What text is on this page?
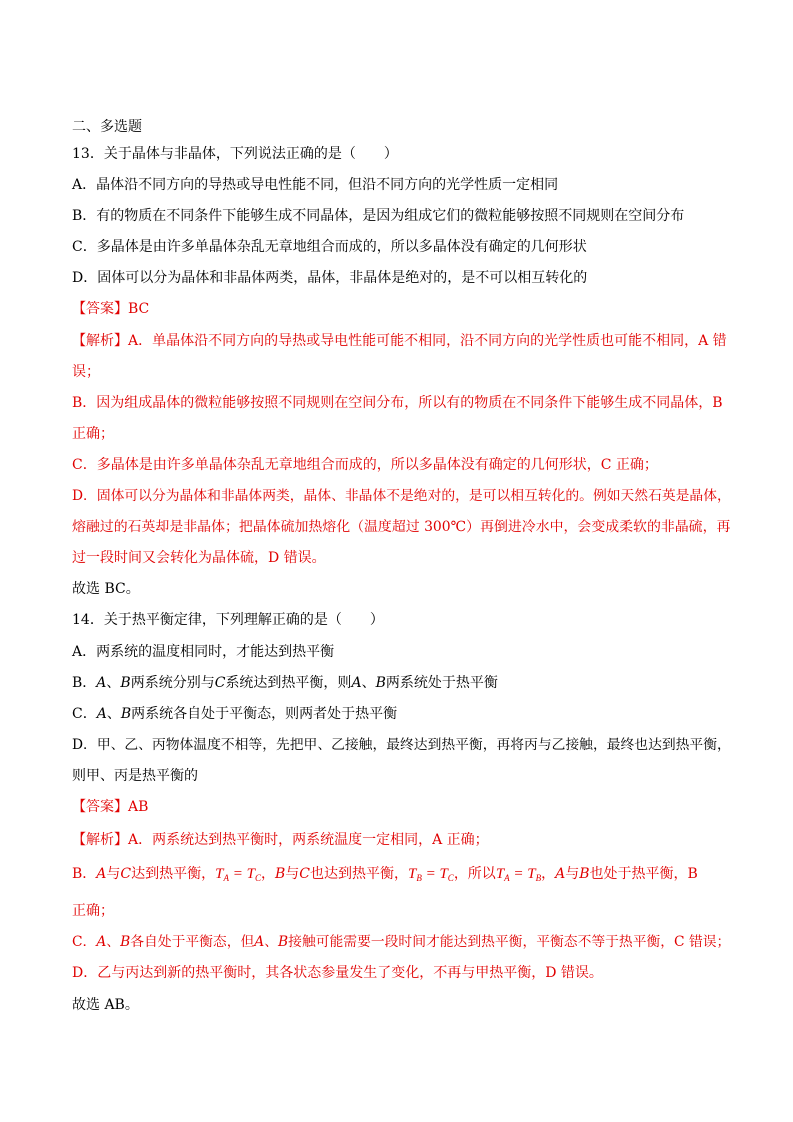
二、多选题
13．关于晶体与非晶体，下列说法正确的是（　　）
A．晶体沿不同方向的导热或导电性能不同，但沿不同方向的光学性质一定相同
B．有的物质在不同条件下能够生成不同晶体，是因为组成它们的微粒能够按照不同规则在空间分布
C．多晶体是由许多单晶体杂乱无章地组合而成的，所以多晶体没有确定的几何形状
D．固体可以分为晶体和非晶体两类，晶体，非晶体是绝对的，是不可以相互转化的
【答案】BC
【解析】A．单晶体沿不同方向的导热或导电性能可能不相同，沿不同方向的光学性质也可能不相同，A 错
误；
B．因为组成晶体的微粒能够按照不同规则在空间分布，所以有的物质在不同条件下能够生成不同晶体，B
正确；
C．多晶体是由许多单晶体杂乱无章地组合而成的，所以多晶体没有确定的几何形状，C 正确；
D．固体可以分为晶体和非晶体两类，晶体、非晶体不是绝对的，是可以相互转化的。例如天然石英是晶体，
熔融过的石英却是非晶体；把晶体硫加热熔化（温度超过 300℃）再倒进冷水中，会变成柔软的非晶硫，再
过一段时间又会转化为晶体硫，D 错误。
故选 BC。
14．关于热平衡定律，下列理解正确的是（　　）
A．两系统的温度相同时，才能达到热平衡
B．A、B两系统分别与C系统达到热平衡，则A、B两系统处于热平衡
C．A、B两系统各自处于平衡态，则两者处于热平衡
D．甲、乙、丙物体温度不相等，先把甲、乙接触，最终达到热平衡，再将丙与乙接触，最终也达到热平衡，
则甲、丙是热平衡的
【答案】AB
【解析】A．两系统达到热平衡时，两系统温度一定相同，A 正确；
B．A与C达到热平衡，$T_A = T_C$，B与C也达到热平衡，$T_B = T_C$，所以$T_A = T_B$，A与B也处于热平衡，B
正确；
C．A、B各自处于平衡态，但A、B接触可能需要一段时间才能达到热平衡，平衡态不等于热平衡，C 错误；
D．乙与丙达到新的热平衡时，其各状态参量发生了变化，不再与甲热平衡，D 错误。
故选 AB。
